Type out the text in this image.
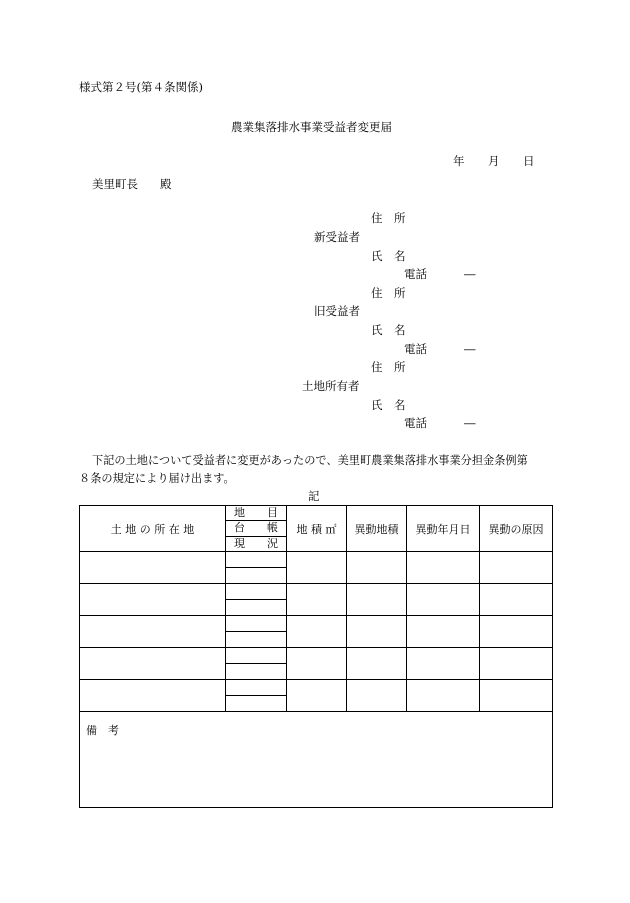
様式第２号(第４条関係)
農業集落排水事業受益者変更届
年 月 日
美里町長 殿
住　所
新受益者
氏　名
電話	―
住　所
旧受益者
氏　名
電話	―
住　所
土地所有者
氏　名
電話	―
下記の土地について受益者に変更があったので、美里町農業集落排水事業分担金条例第
８条の規定により届け出ます。
記
土 地 の 所 在 地	地 目	地 積 ㎡	異動地積	異動年月日	異動の原因

	台 帳				

	現 況				

備　考					
